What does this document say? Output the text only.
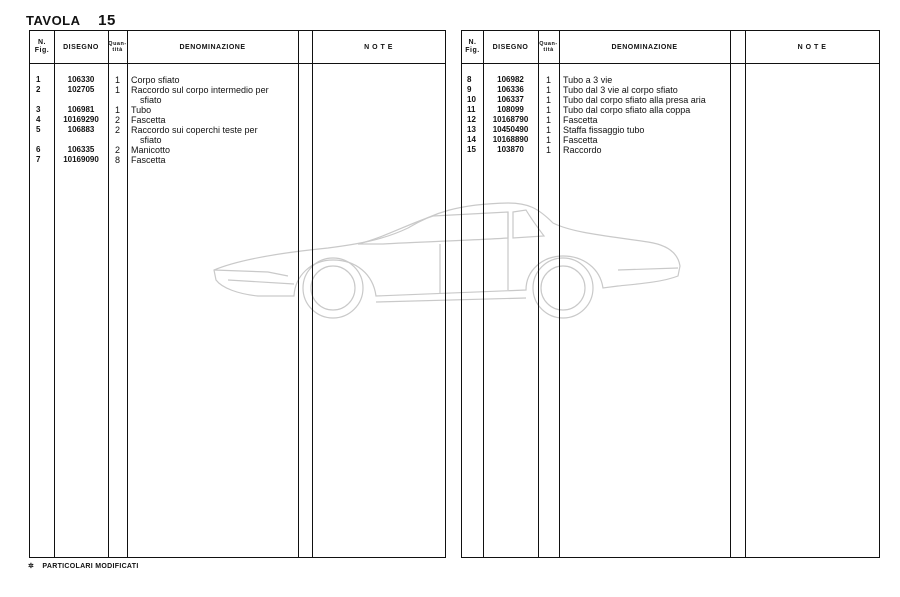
TAVOLA 15
N.
Fig.	DISEGNO	Quan-
tità	DENOMINAZIONE	N O T E
1	106330	1	Corpo sfiato
2	102705	1	Raccordo sul corpo intermedio per
sfiato
3	106981	1	Tubo
4	10169290	2	Fascetta
5	106883	2	Raccordo sui coperchi teste per
sfiato
6	106335	2	Manicotto
7	10169090	8	Fascetta
N.
Fig.	DISEGNO	Quan-
tità	DENOMINAZIONE	N O T E
8	106982	1	Tubo a 3 vie
9	106336	1	Tubo dal 3 vie al corpo sfiato
10	106337	1	Tubo dal corpo sfiato alla presa aria
11	108099	1	Tubo dal corpo sfiato alla coppa
12	10168790	1	Fascetta
13	10450490	1	Staffa fissaggio tubo
14	10168890	1	Fascetta
15	103870	1	Raccordo
✲ PARTICOLARI MODIFICATI
